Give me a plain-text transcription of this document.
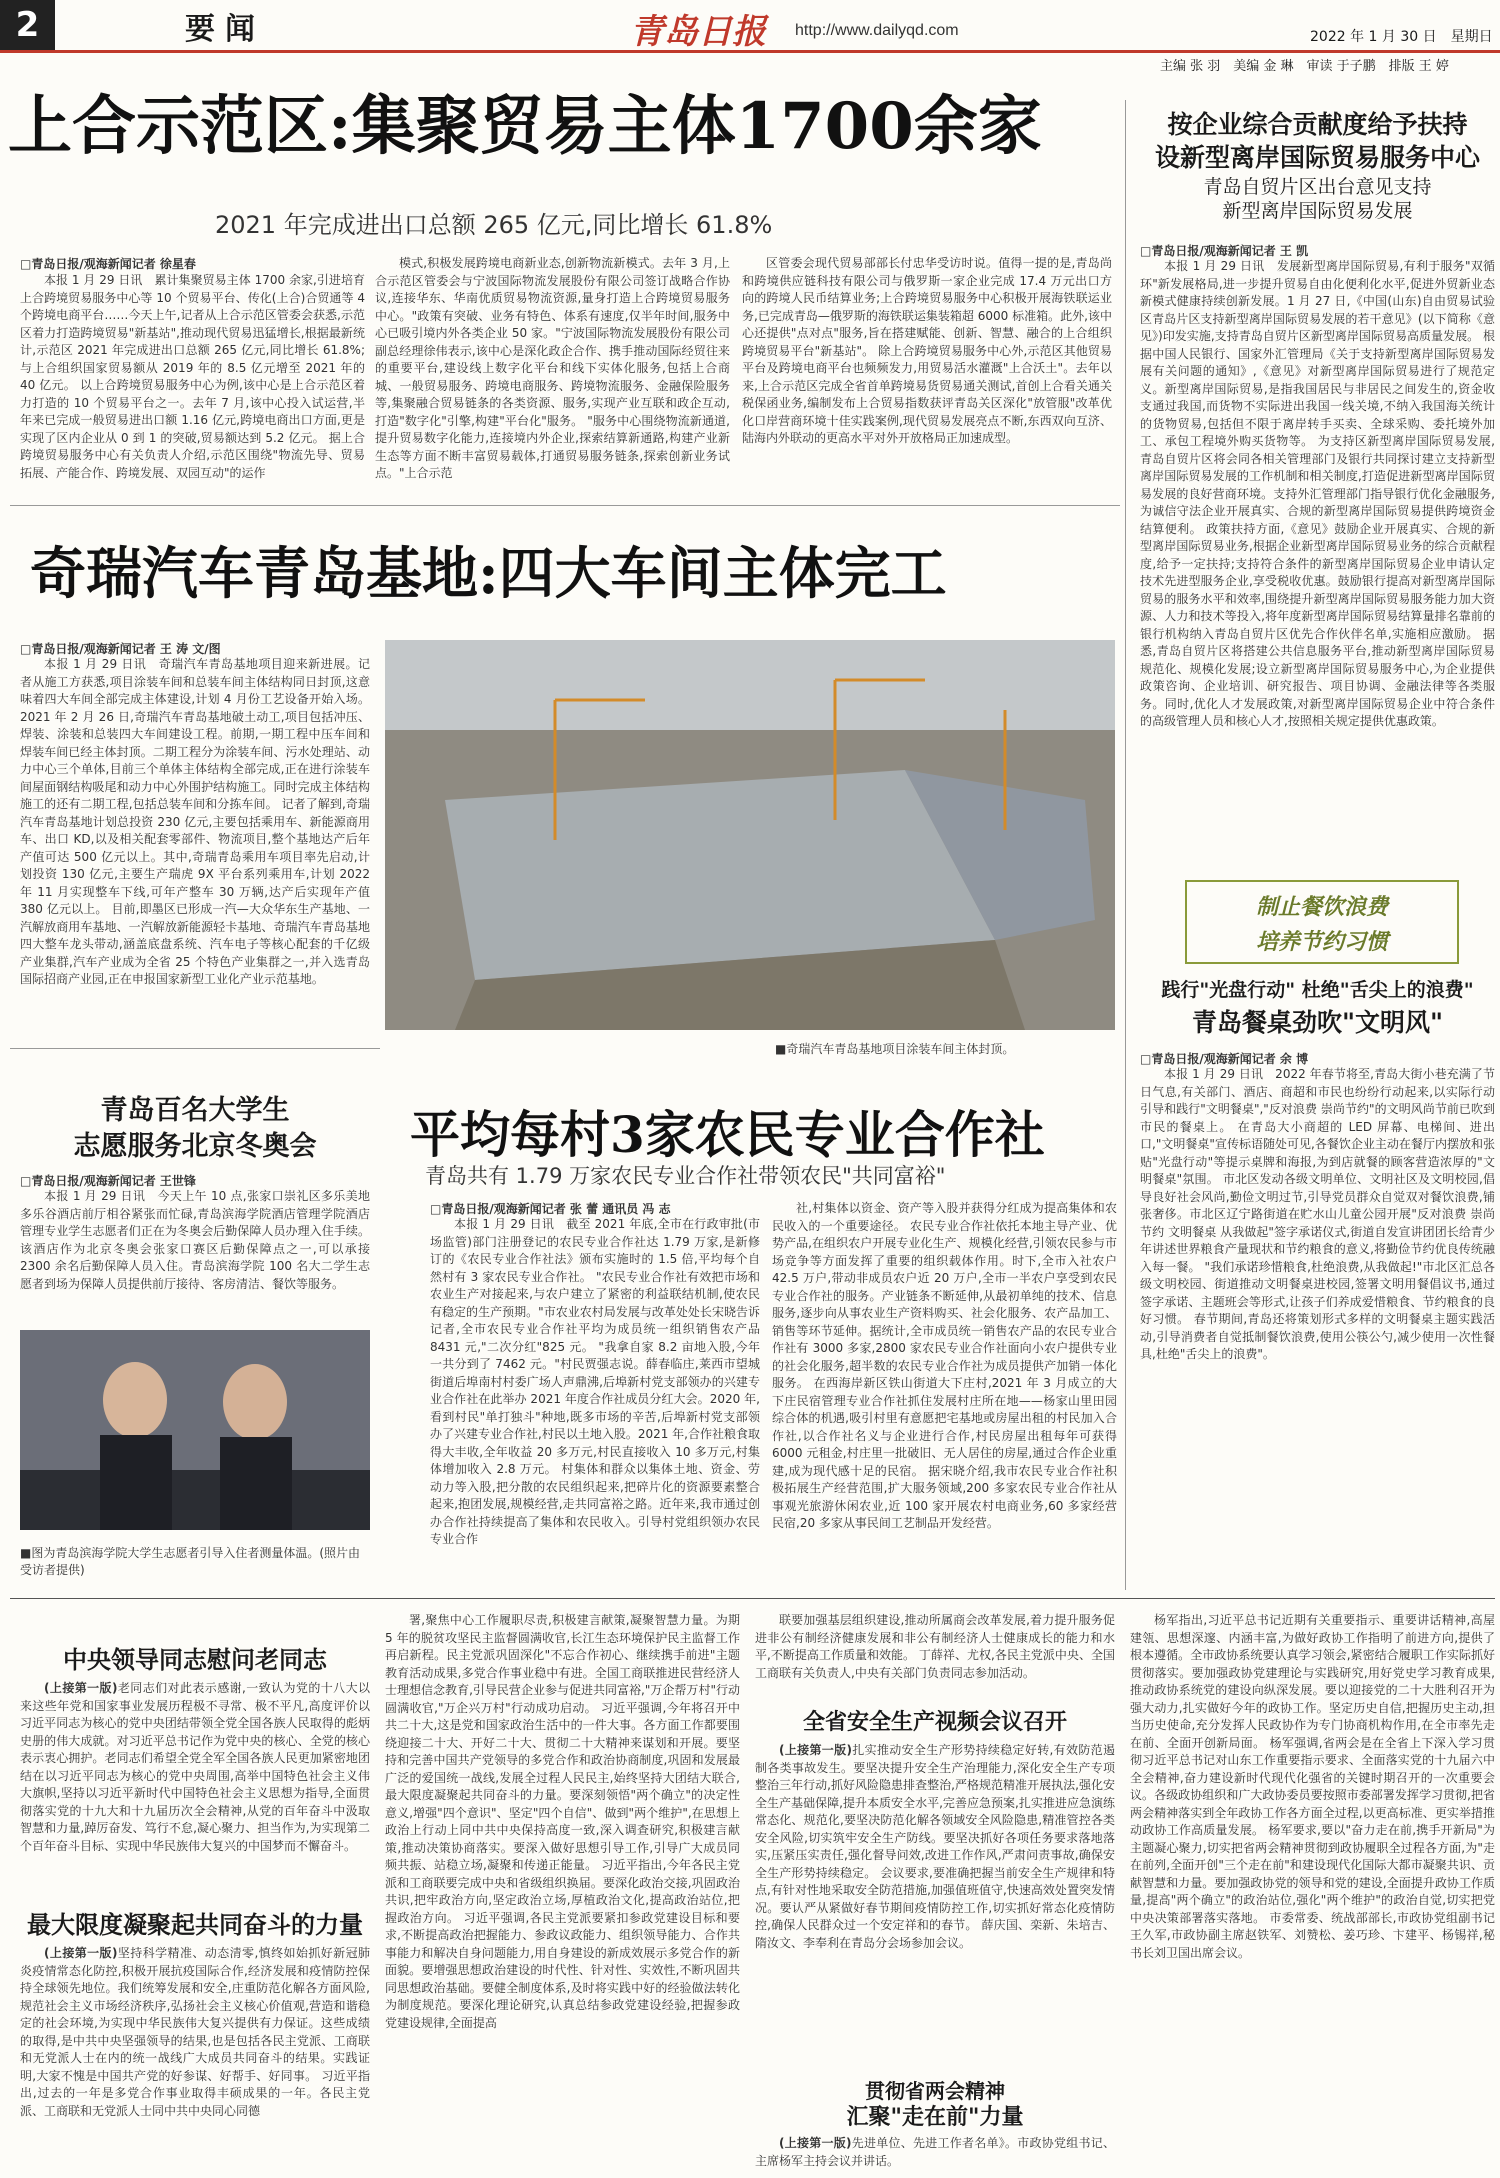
2	要闻	青岛日报 http://www.dailyqd.com	2022 年 1 月 30 日　星期日
主编 张 羽　美编 金 琳　审读 于子鹏　排版 王 婷
上合示范区:集聚贸易主体1700余家
2021 年完成进出口总额 265 亿元,同比增长 61.8%
□青岛日报/观海新闻记者 徐星春

本报 1 月 29 日讯　累计集聚贸易主体 1700 余家,引进培育上合跨境贸易服务中心等 10 个贸易平台、传化(上合)合贸通等 4 个跨境电商平台……今天上午,记者从上合示范区管委会获悉,示范区着力打造跨境贸易"新基站",推动现代贸易迅猛增长,根据最新统计,示范区 2021 年完成进出口总额 265 亿元,同比增长 61.8%;与上合组织国家贸易额从 2019 年的 8.5 亿元增至 2021 年的 40 亿元。 以上合跨境贸易服务中心为例,该中心是上合示范区着力打造的 10 个贸易平台之一。去年 7 月,该中心投入试运营,半年来已完成一般贸易进出口额 1.16 亿元,跨境电商出口方面,更是实现了区内企业从 0 到 1 的突破,贸易额达到 5.2 亿元。 据上合跨境贸易服务中心有关负责人介绍,示范区围绕"物流先导、贸易拓展、产能合作、跨境发展、双园互动"的运作

模式,积极发展跨境电商新业态,创新物流新模式。去年 3 月,上合示范区管委会与宁波国际物流发展股份有限公司签订战略合作协议,连接华东、华南优质贸易物流资源,量身打造上合跨境贸易服务中心。"政策有突破、业务有特色、体系有速度,仅半年时间,服务中心已吸引境内外各类企业 50 家。"宁波国际物流发展股份有限公司副总经理徐伟表示,该中心是深化政企合作、携手推动国际经贸往来的重要平台,建设线上数字化平台和线下实体化服务,包括上合商城、一般贸易服务、跨境电商服务、跨境物流服务、金融保险服务等,集聚融合贸易链条的各类资源、服务,实现产业互联和政企互动,打造"数字化"引擎,构建"平台化"服务。 "服务中心围绕物流新通道,提升贸易数字化能力,连接境内外企业,探索结算新通路,构建产业新生态等方面不断丰富贸易载体,打通贸易服务链条,探索创新业务试点。"上合示范

区管委会现代贸易部部长付忠华受访时说。值得一提的是,青岛尚和跨境供应链科技有限公司与俄罗斯一家企业完成 17.4 万元出口方向的跨境人民币结算业务;上合跨境贸易服务中心积极开展海铁联运业务,已完成青岛—俄罗斯的海铁联运集装箱超 6000 标准箱。此外,该中心还提供"点对点"服务,旨在搭建赋能、创新、智慧、融合的上合组织跨境贸易平台"新基站"。 除上合跨境贸易服务中心外,示范区其他贸易平台及跨境电商平台也频频发力,用贸易活水灌溉"上合沃土"。去年以来,上合示范区完成全省首单跨境易货贸易通关测试,首创上合看关通关税保函业务,编制发布上合贸易指数获评青岛关区深化"放管服"改革优化口岸营商环境十佳实践案例,现代贸易发展亮点不断,东西双向互济、陆海内外联动的更高水平对外开放格局正加速成型。

按企业综合贡献度给予扶持
设新型离岸国际贸易服务中心
青岛自贸片区出台意见支持
新型离岸国际贸易发展
□青岛日报/观海新闻记者 王 凯

本报 1 月 29 日讯　发展新型离岸国际贸易,有利于服务"双循环"新发展格局,进一步提升贸易自由化便利化水平,促进外贸新业态新模式健康持续创新发展。1 月 27 日,《中国(山东)自由贸易试验区青岛片区支持新型离岸国际贸易发展的若干意见》(以下简称《意见》)印发实施,支持青岛自贸片区新型离岸国际贸易高质量发展。 根据中国人民银行、国家外汇管理局《关于支持新型离岸国际贸易发展有关问题的通知》,《意见》对新型离岸国际贸易进行了规范定义。新型离岸国际贸易,是指我国居民与非居民之间发生的,资金收支通过我国,而货物不实际进出我国一线关境,不纳入我国海关统计的货物贸易,包括但不限于离岸转手买卖、全球采购、委托境外加工、承包工程境外购买货物等。 为支持区新型离岸国际贸易发展,青岛自贸片区将会同各相关管理部门及银行共同探讨建立支持新型离岸国际贸易发展的工作机制和相关制度,打造促进新型离岸国际贸易发展的良好营商环境。支持外汇管理部门指导银行优化金融服务,为诚信守法企业开展真实、合规的新型离岸国际贸易提供跨境资金结算便利。 政策扶持方面,《意见》鼓励企业开展真实、合规的新型离岸国际贸易业务,根据企业新型离岸国际贸易业务的综合贡献程度,给予一定扶持;支持符合条件的新型离岸国际贸易企业申请认定技术先进型服务企业,享受税收优惠。鼓励银行提高对新型离岸国际贸易的服务水平和效率,围绕提升新型离岸国际贸易服务能力加大资源、人力和技术等投入,将年度新型离岸国际贸易结算量排名靠前的银行机构纳入青岛自贸片区优先合作伙伴名单,实施相应激励。 据悉,青岛自贸片区将搭建公共信息服务平台,推动新型离岸国际贸易规范化、规模化发展;设立新型离岸国际贸易服务中心,为企业提供政策咨询、企业培训、研究报告、项目协调、金融法律等各类服务。同时,优化人才发展政策,对新型离岸国际贸易企业中符合条件的高级管理人员和核心人才,按照相关规定提供优惠政策。

制止餐饮浪费
培养节约习惯
践行"光盘行动" 杜绝"舌尖上的浪费"
青岛餐桌劲吹"文明风"
□青岛日报/观海新闻记者 余 博

本报 1 月 29 日讯　2022 年春节将至,青岛大街小巷充满了节日气息,有关部门、酒店、商超和市民也纷纷行动起来,以实际行动引导和践行"文明餐桌","反对浪费 崇尚节约"的文明风尚节前已吹到市民的餐桌上。 在青岛大小商超的 LED 屏幕、电梯间、进出口,"文明餐桌"宣传标语随处可见,各餐饮企业主动在餐厅内摆放和张贴"光盘行动"等提示桌牌和海报,为到店就餐的顾客营造浓厚的"文明餐桌"氛围。 市北区发动各级文明单位、文明社区及文明校园,倡导良好社会风尚,勤俭文明过节,引导党员群众自觉双对餐饮浪费,铺张奢侈。市北区辽宁路街道在贮水山儿童公园开展"反对浪费 崇尚节约 文明餐桌 从我做起"签字承诺仪式,街道自发宣讲团团长给青少年讲述世界粮食产量现状和节约粮食的意义,将勤俭节约优良传统融入每一餐。 "我们承诺珍惜粮食,杜绝浪费,从我做起!"市北区汇总各级文明校园、街道推动文明餐桌进校园,签署文明用餐倡议书,通过签字承诺、主题班会等形式,让孩子们养成爱惜粮食、节约粮食的良好习惯。 春节期间,青岛还将策划形式多样的文明餐桌主题实践活动,引导消费者自觉抵制餐饮浪费,使用公筷公勺,减少使用一次性餐具,杜绝"舌尖上的浪费"。

奇瑞汽车青岛基地:四大车间主体完工
□青岛日报/观海新闻记者 王 涛 文/图

本报 1 月 29 日讯　奇瑞汽车青岛基地项目迎来新进展。记者从施工方获悉,项目涂装车间和总装车间主体结构同日封顶,这意味着四大车间全部完成主体建设,计划 4 月份工艺设备开始入场。 2021 年 2 月 26 日,奇瑞汽车青岛基地破土动工,项目包括冲压、焊装、涂装和总装四大车间建设工程。前期,一期工程中压车间和焊装车间已经主体封顶。二期工程分为涂装车间、污水处理站、动力中心三个单体,目前三个单体主体结构全部完成,正在进行涂装车间屋面钢结构吸尾和动力中心外围护结构施工。同时完成主体结构施工的还有二期工程,包括总装车间和分拣车间。 记者了解到,奇瑞汽车青岛基地计划总投资 230 亿元,主要包括乘用车、新能源商用车、出口 KD,以及相关配套零部件、物流项目,整个基地达产后年产值可达 500 亿元以上。其中,奇瑞青岛乘用车项目率先启动,计划投资 130 亿元,主要生产瑞虎 9X 平台系列乘用车,计划 2022 年 11 月实现整车下线,可年产整车 30 万辆,达产后实现年产值 380 亿元以上。 目前,即墨区已形成一汽—大众华东生产基地、一汽解放商用车基地、一汽解放新能源轻卡基地、奇瑞汽车青岛基地四大整车龙头带动,涵盖底盘系统、汽车电子等核心配套的千亿级产业集群,汽车产业成为全省 25 个特色产业集群之一,并入选青岛国际招商产业园,正在申报国家新型工业化产业示范基地。

■奇瑞汽车青岛基地项目涂装车间主体封顶。
青岛百名大学生
志愿服务北京冬奥会
□青岛日报/观海新闻记者 王世锋

本报 1 月 29 日讯　今天上午 10 点,张家口崇礼区多乐美地多乐谷酒店前厅相谷紧张而忙碌,青岛滨海学院酒店管理学院酒店管理专业学生志愿者们正在为冬奥会后勤保障人员办理入住手续。 该酒店作为北京冬奥会张家口赛区后勤保障点之一,可以承接 2300 余名后勤保障人员入住。青岛滨海学院 100 名大二学生志愿者到场为保障人员提供前厅接待、客房清洁、餐饮等服务。

■图为青岛滨海学院大学生志愿者引导入住者测量体温。(照片由受访者提供)
平均每村3家农民专业合作社
青岛共有 1.79 万家农民专业合作社带领农民"共同富裕"
□青岛日报/观海新闻记者 张 蕾 通讯员 冯 志

本报 1 月 29 日讯　截至 2021 年底,全市在行政审批(市场监管)部门注册登记的农民专业合作社达 1.79 万家,是新修订的《农民专业合作社法》颁布实施时的 1.5 倍,平均每个自然村有 3 家农民专业合作社。 "农民专业合作社有效把市场和农业生产对接起来,与农户建立了紧密的利益联结机制,使农民有稳定的生产预期。"市农业农村局发展与改革处处长宋晓告诉记者,全市农民专业合作社平均为成员统一组织销售农产品 8431 元,"二次分红"825 元。 "我拿自家 8.2 亩地入股,今年一共分到了 7462 元。"村民贾强志说。薛春临庄,莱西市望城街道后埠南村村委广场人声鼎沸,后埠新村党支部领办的兴建专业合作社在此举办 2021 年度合作社成员分红大会。2020 年,看到村民"单打独斗"种地,既多市场的辛苦,后埠新村党支部领办了兴建专业合作社,村民以土地入股。2021 年,合作社粮食取得大丰收,全年收益 20 多万元,村民直接收入 10 多万元,村集体增加收入 2.8 万元。 村集体和群众以集体土地、资金、劳动力等入股,把分散的农民组织起来,把碎片化的资源要素整合起来,抱团发展,规模经营,走共同富裕之路。近年来,我市通过创办合作社持续提高了集体和农民收入。引导村党组织领办农民专业合作

社,村集体以资金、资产等入股并获得分红成为提高集体和农民收入的一个重要途径。 农民专业合作社依托本地主导产业、优势产品,在组织农户开展专业化生产、规模化经营,引领农民参与市场竞争等方面发挥了重要的组织载体作用。时下,全市入社农户 42.5 万户,带动非成员农户近 20 万户,全市一半农户享受到农民专业合作社的服务。产业链条不断延伸,从最初单纯的技术、信息服务,逐步向从事农业生产资料购买、社会化服务、农产品加工、销售等环节延伸。据统计,全市成员统一销售农产品的农民专业合作社有 3000 多家,2800 家农民专业合作社面向小农户提供专业的社会化服务,超半数的农民专业合作社为成员提供产加销一体化服务。 在西海岸新区铁山街道大下庄村,2021 年 3 月成立的大下庄民宿管理专业合作社抓住发展村庄所在地——杨家山里田园综合体的机遇,吸引村里有意愿把宅基地或房屋出租的村民加入合作社,以合作社名义与企业进行合作,村民房屋出租每年可获得 6000 元租金,村庄里一批破旧、无人居住的房屋,通过合作企业重建,成为现代感十足的民宿。 据宋晓介绍,我市农民专业合作社积极拓展生产经营范围,扩大服务领域,200 多家农民专业合作社从事观光旅游休闲农业,近 100 家开展农村电商业务,60 多家经营民宿,20 多家从事民间工艺制品开发经营。

中央领导同志慰问老同志

(上接第一版)老同志们对此表示感谢,一致认为党的十八大以来这些年党和国家事业发展历程极不寻常、极不平凡,高度评价以习近平同志为核心的党中央团结带领全党全国各族人民取得的彪炳史册的伟大成就。对习近平总书记作为党中央的核心、全党的核心表示衷心拥护。老同志们希望全党全军全国各族人民更加紧密地团结在以习近平同志为核心的党中央周围,高举中国特色社会主义伟大旗帜,坚持以习近平新时代中国特色社会主义思想为指导,全面贯彻落实党的十九大和十九届历次全会精神,从党的百年奋斗中汲取智慧和力量,踔厉奋发、笃行不怠,凝心聚力、担当作为,为实现第二个百年奋斗目标、实现中华民族伟大复兴的中国梦而不懈奋斗。

最大限度凝聚起共同奋斗的力量

(上接第一版)坚持科学精准、动态清零,慎终如始抓好新冠肺炎疫情常态化防控,积极开展抗疫国际合作,经济发展和疫情防控保持全球领先地位。我们统筹发展和安全,庄重防范化解各方面风险,规范社会主义市场经济秩序,弘扬社会主义核心价值观,营造和谐稳定的社会环境,为实现中华民族伟大复兴提供有力保证。这些成绩的取得,是中共中央坚强领导的结果,也是包括各民主党派、工商联和无党派人士在内的统一战线广大成员共同奋斗的结果。实践证明,大家不愧是中国共产党的好参谋、好帮手、好同事。 习近平指出,过去的一年是多党合作事业取得丰硕成果的一年。各民主党派、工商联和无党派人士同中共中央同心同德

署,聚焦中心工作履职尽责,积极建言献策,凝聚智慧力量。为期 5 年的脱贫攻坚民主监督圆满收官,长江生态环境保护民主监督工作再启新程。民主党派巩固深化"不忘合作初心、继续携手前进"主题教育活动成果,多党合作事业稳中有进。全国工商联推进民营经济人士理想信念教育,引导民营企业参与促进共同富裕,"万企帮万村"行动圆满收官,"万企兴万村"行动成功启动。 习近平强调,今年将召开中共二十大,这是党和国家政治生活中的一件大事。各方面工作都要围绕迎接二十大、开好二十大、贯彻二十大精神来谋划和开展。要坚持和完善中国共产党领导的多党合作和政治协商制度,巩固和发展最广泛的爱国统一战线,发展全过程人民民主,始终坚持大团结大联合,最大限度凝聚起共同奋斗的力量。要深刻领悟"两个确立"的决定性意义,增强"四个意识"、坚定"四个自信"、做到"两个维护",在思想上政治上行动上同中共中央保持高度一致,深入调查研究,积极建言献策,推动决策协商落实。要深入做好思想引导工作,引导广大成员同频共振、站稳立场,凝聚和传递正能量。 习近平指出,今年各民主党派和工商联要完成中央和省级组织换届。要深化政治交接,巩固政治共识,把牢政治方向,坚定政治立场,厚植政治文化,提高政治站位,把握政治方向。 习近平强调,各民主党派要紧扣参政党建设目标和要求,不断提高政治把握能力、参政议政能力、组织领导能力、合作共事能力和解决自身问题能力,用自身建设的新成效展示多党合作的新面貌。要增强思想政治建设的时代性、针对性、实效性,不断巩固共同思想政治基础。要健全制度体系,及时将实践中好的经验做法转化为制度规范。要深化理论研究,认真总结参政党建设经验,把握参政党建设规律,全面提高

联要加强基层组织建设,推动所属商会改革发展,着力提升服务促进非公有制经济健康发展和非公有制经济人士健康成长的能力和水平,不断提高工作质量和效能。 丁薛祥、尤权,各民主党派中央、全国工商联有关负责人,中央有关部门负责同志参加活动。

全省安全生产视频会议召开

(上接第一版)扎实推动安全生产形势持续稳定好转,有效防范遏制各类事故发生。要坚决提升安全生产治理能力,深化安全生产专项整治三年行动,抓好风险隐患排查整治,严格规范精准开展执法,强化安全生产基础保障,提升本质安全水平,完善应急预案,扎实推进应急演练常态化、规范化,要坚决防范化解各领域安全风险隐患,精准管控各类安全风险,切实筑牢安全生产防线。要坚决抓好各项任务要求落地落实,压紧压实责任,强化督导问效,改进工作作风,严肃问责事故,确保安全生产形势持续稳定。 会议要求,要准确把握当前安全生产规律和特点,有针对性地采取安全防范措施,加强值班值守,快速高效处置突发情况。要认严从紧做好春节期间疫情防控工作,切实抓好常态化疫情防控,确保人民群众过一个安定祥和的春节。 薛庆国、栾新、朱培吉、隋汝文、李奉利在青岛分会场参加会议。

贯彻省两会精神
汇聚"走在前"力量

(上接第一版)先进单位、先进工作者名单》。市政协党组书记、主席杨军主持会议并讲话。

杨军指出,习近平总书记近期有关重要指示、重要讲话精神,高屋建瓴、思想深邃、内涵丰富,为做好政协工作指明了前进方向,提供了根本遵循。全市政协系统要认真学习领会,紧密结合履职工作实际抓好贯彻落实。要加强政协党建理论与实践研究,用好党史学习教育成果,推动政协系统党的建设向纵深发展。要以迎接党的二十大胜利召开为强大动力,扎实做好今年的政协工作。坚定历史自信,把握历史主动,担当历史使命,充分发挥人民政协作为专门协商机构作用,在全市率先走在前、全面开创新局面。 杨军强调,省两会是在全省上下深入学习贯彻习近平总书记对山东工作重要指示要求、全面落实党的十九届六中全会精神,奋力建设新时代现代化强省的关键时期召开的一次重要会议。各级政协组织和广大政协委员要按照市委部署发挥学习贯彻,把省两会精神落实到全年政协工作各方面全过程,以更高标准、更实举措推动政协工作高质量发展。 杨军要求,要以"奋力走在前,携手开新局"为主题凝心聚力,切实把省两会精神贯彻到政协履职全过程各方面,为"走在前列,全面开创"三个走在前"和建设现代化国际大都市凝聚共识、贡献智慧和力量。要加强政协党的领导和党的建设,全面提升政协工作质量,提高"两个确立"的政治站位,强化"两个维护"的政治自觉,切实把党中央决策部署落实落地。 市委常委、统战部部长,市政协党组副书记王久军,市政协副主席赵铁军、刘赞松、姜巧珍、卞建平、杨锡祥,秘书长刘卫国出席会议。
